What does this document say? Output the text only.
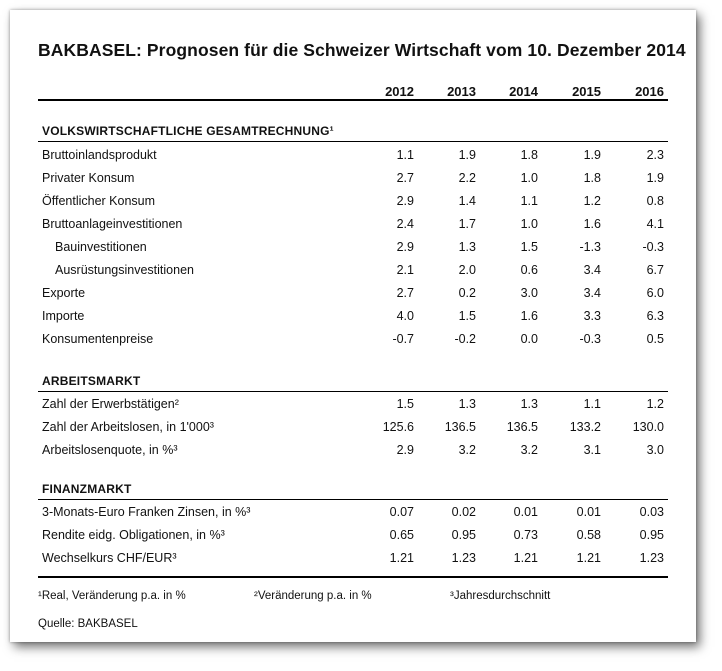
BAKBASEL: Prognosen für die Schweizer Wirtschaft vom 10. Dezember 2014
2012	2013	2014	2015	2016
VOLKSWIRTSCHAFTLICHE GESAMTRECHNUNG¹
Bruttoinlandsprodukt	1.1	1.9	1.8	1.9	2.3
Privater Konsum	2.7	2.2	1.0	1.8	1.9
Öffentlicher Konsum	2.9	1.4	1.1	1.2	0.8
Bruttoanlageinvestitionen	2.4	1.7	1.0	1.6	4.1
Bauinvestitionen	2.9	1.3	1.5	-1.3	-0.3
Ausrüstungsinvestitionen	2.1	2.0	0.6	3.4	6.7
Exporte	2.7	0.2	3.0	3.4	6.0
Importe	4.0	1.5	1.6	3.3	6.3
Konsumentenpreise	-0.7	-0.2	0.0	-0.3	0.5
ARBEITSMARKT
Zahl der Erwerbstätigen²	1.5	1.3	1.3	1.1	1.2
Zahl der Arbeitslosen, in 1'000³	125.6	136.5	136.5	133.2	130.0
Arbeitslosenquote, in %³	2.9	3.2	3.2	3.1	3.0
FINANZMARKT
3-Monats-Euro Franken Zinsen, in %³	0.07	0.02	0.01	0.01	0.03
Rendite eidg. Obligationen, in %³	0.65	0.95	0.73	0.58	0.95
Wechselkurs CHF/EUR³	1.21	1.23	1.21	1.21	1.23
¹Real, Veränderung p.a. in %	²Veränderung p.a. in %	³Jahresdurchschnitt
Quelle: BAKBASEL
